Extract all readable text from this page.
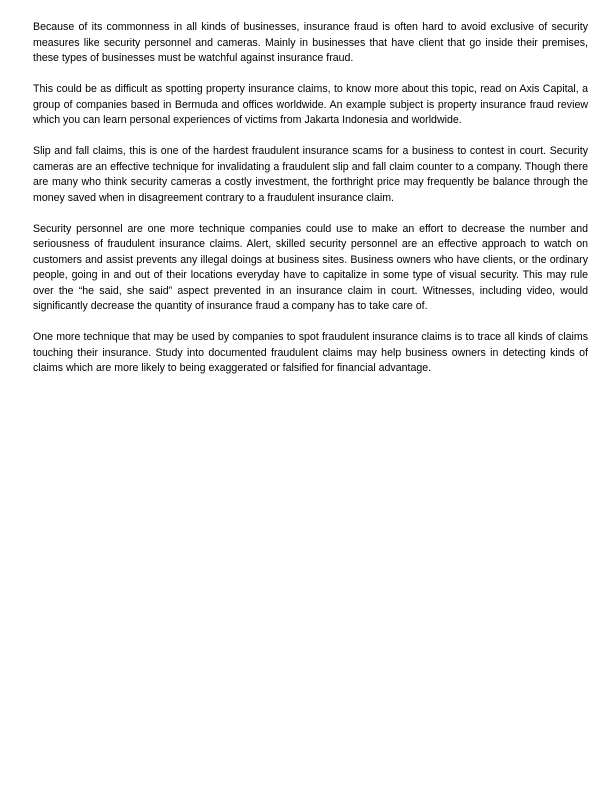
Because of its commonness in all kinds of businesses, insurance fraud is often hard to avoid exclusive of security measures like security personnel and cameras. Mainly in businesses that have client that go inside their premises, these types of businesses must be watchful against insurance fraud.

This could be as difficult as spotting property insurance claims, to know more about this topic, read on Axis Capital, a group of companies based in Bermuda and offices worldwide. An example subject is property insurance fraud review which you can learn personal experiences of victims from Jakarta Indonesia and worldwide.

Slip and fall claims, this is one of the hardest fraudulent insurance scams for a business to contest in court. Security cameras are an effective technique for invalidating a fraudulent slip and fall claim counter to a company. Though there are many who think security cameras a costly investment, the forthright price may frequently be balance through the money saved when in disagreement contrary to a fraudulent insurance claim.

Security personnel are one more technique companies could use to make an effort to decrease the number and seriousness of fraudulent insurance claims. Alert, skilled security personnel are an effective approach to watch on customers and assist prevents any illegal doings at business sites. Business owners who have clients, or the ordinary people, going in and out of their locations everyday have to capitalize in some type of visual security. This may rule over the “he said, she said” aspect prevented in an insurance claim in court. Witnesses, including video, would significantly decrease the quantity of insurance fraud a company has to take care of.

One more technique that may be used by companies to spot fraudulent insurance claims is to trace all kinds of claims touching their insurance. Study into documented fraudulent claims may help business owners in detecting kinds of claims which are more likely to being exaggerated or falsified for financial advantage.
